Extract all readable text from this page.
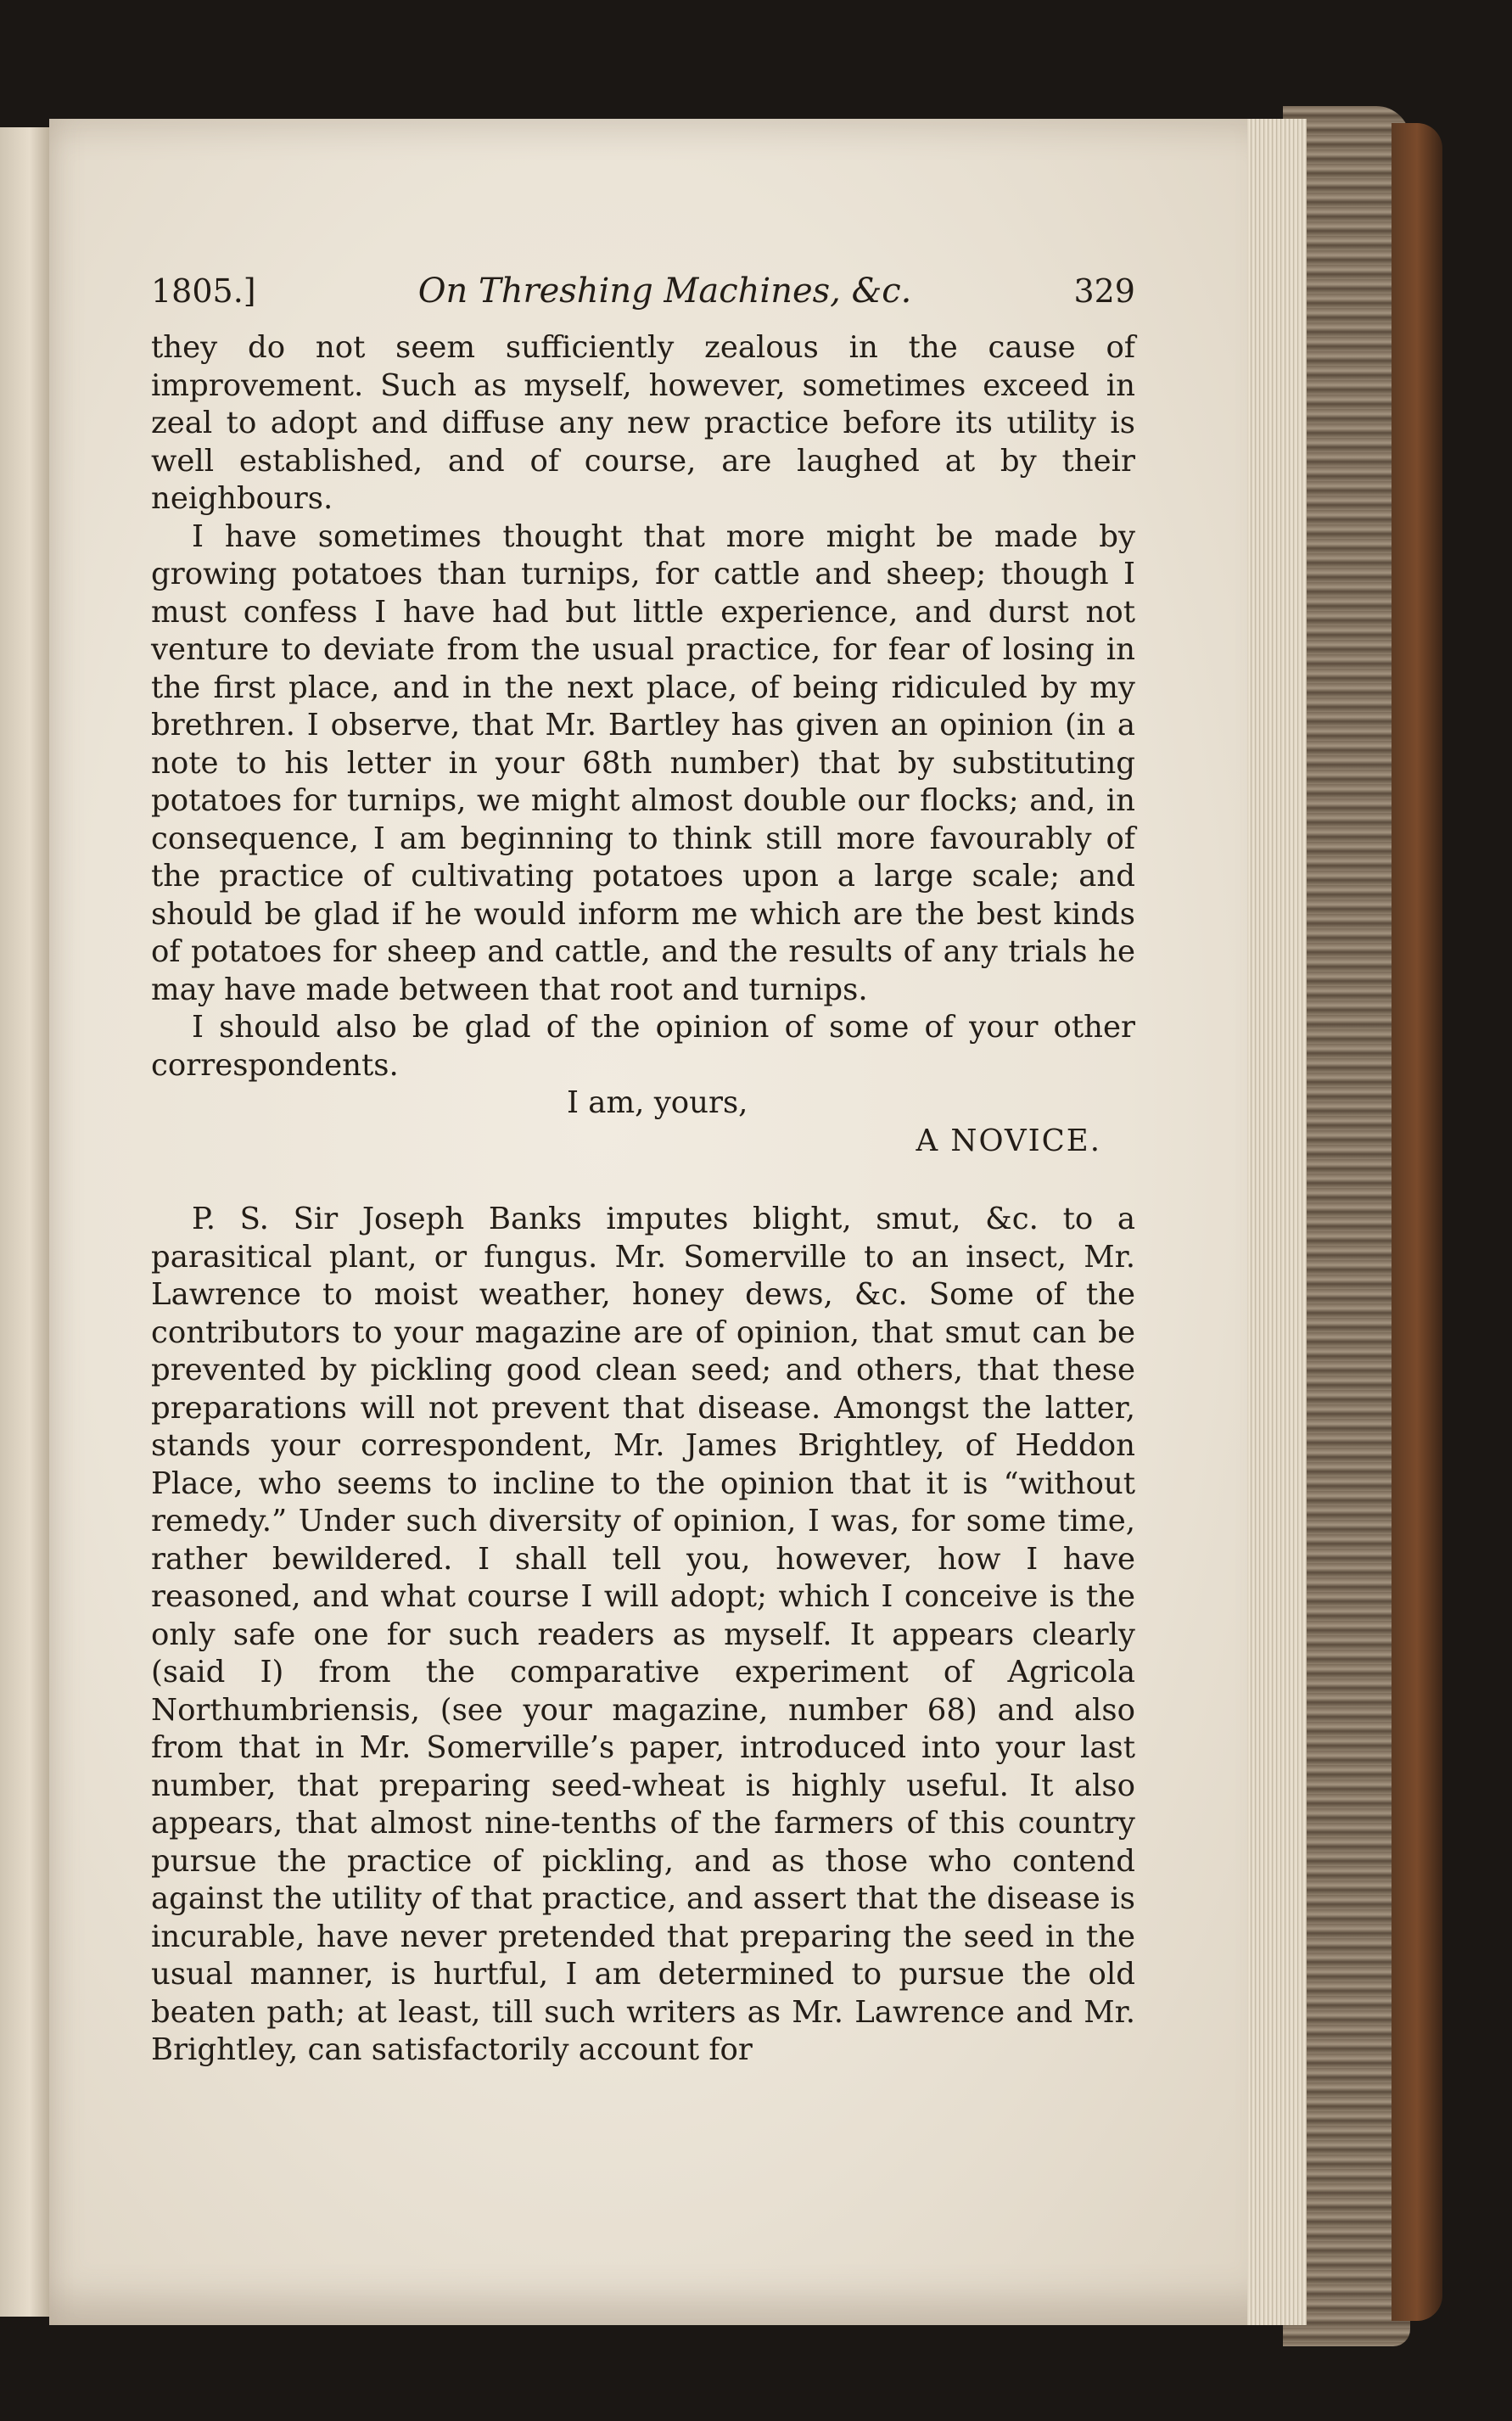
1805.]	On Threshing Machines, &c.	329

they do not seem sufficiently zealous in the cause of improvement. Such as myself, however, sometimes exceed in zeal to adopt and diffuse any new practice before its utility is well established, and of course, are laughed at by their neighbours.

I have sometimes thought that more might be made by growing potatoes than turnips, for cattle and sheep; though I must confess I have had but little experience, and durst not venture to deviate from the usual practice, for fear of losing in the first place, and in the next place, of being ridiculed by my brethren. I observe, that Mr. Bartley has given an opinion (in a note to his letter in your 68th number) that by substituting potatoes for turnips, we might almost double our flocks; and, in consequence, I am beginning to think still more favourably of the practice of cultivating potatoes upon a large scale; and should be glad if he would inform me which are the best kinds of potatoes for sheep and cattle, and the results of any trials he may have made between that root and turnips.

I should also be glad of the opinion of some of your other correspondents.

I am, yours,

A NOVICE.

P. S. Sir Joseph Banks imputes blight, smut, &c. to a parasitical plant, or fungus. Mr. Somerville to an insect, Mr. Lawrence to moist weather, honey dews, &c. Some of the contributors to your magazine are of opinion, that smut can be prevented by pickling good clean seed; and others, that these preparations will not prevent that disease. Amongst the latter, stands your correspondent, Mr. James Brightley, of Heddon Place, who seems to incline to the opinion that it is “without remedy.” Under such diversity of opinion, I was, for some time, rather bewildered. I shall tell you, however, how I have reasoned, and what course I will adopt; which I conceive is the only safe one for such readers as myself. It appears clearly (said I) from the comparative experiment of Agricola Northumbriensis, (see your magazine, number 68) and also from that in Mr. Somerville’s paper, introduced into your last number, that preparing seed-wheat is highly useful. It also appears, that almost nine-tenths of the farmers of this country pursue the practice of pickling, and as those who contend against the utility of that practice, and assert that the disease is incurable, have never pretended that preparing the seed in the usual manner, is hurtful, I am determined to pursue the old beaten path; at least, till such writers as Mr. Lawrence and Mr. Brightley, can satisfactorily account for
